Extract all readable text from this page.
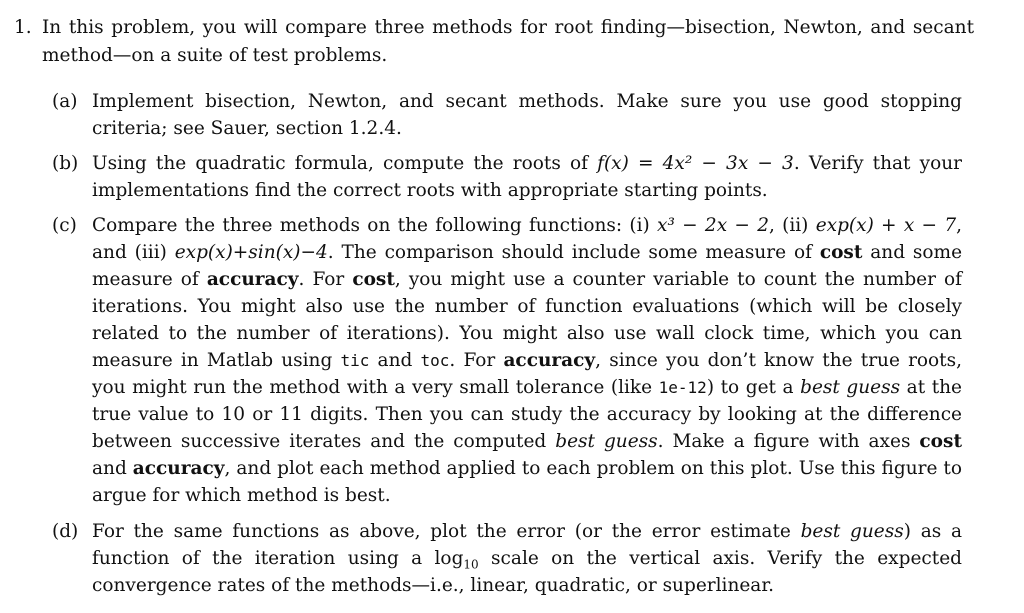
1. In this problem, you will compare three methods for root finding—bisection, Newton, and secant method—on a suite of test problems.
(a) Implement bisection, Newton, and secant methods. Make sure you use good stopping criteria; see Sauer, section 1.2.4.
(b) Using the quadratic formula, compute the roots of f(x) = 4x² − 3x − 3. Verify that your implementations find the correct roots with appropriate starting points.
(c) Compare the three methods on the following functions: (i) x³ − 2x − 2, (ii) exp(x) + x − 7, and (iii) exp(x)+sin(x)−4. The comparison should include some measure of cost and some measure of accuracy. For cost, you might use a counter variable to count the number of iterations. You might also use the number of function evaluations (which will be closely related to the number of iterations). You might also use wall clock time, which you can measure in Matlab using tic and toc. For accuracy, since you don’t know the true roots, you might run the method with a very small tolerance (like 1e-12) to get a best guess at the true value to 10 or 11 digits. Then you can study the accuracy by looking at the difference between successive iterates and the computed best guess. Make a figure with axes cost and accuracy, and plot each method applied to each problem on this plot. Use this figure to argue for which method is best.
(d) For the same functions as above, plot the error (or the error estimate best guess) as a function of the iteration using a $\log_{10}$ scale on the vertical axis. Verify the expected convergence rates of the methods—i.e., linear, quadratic, or superlinear.
